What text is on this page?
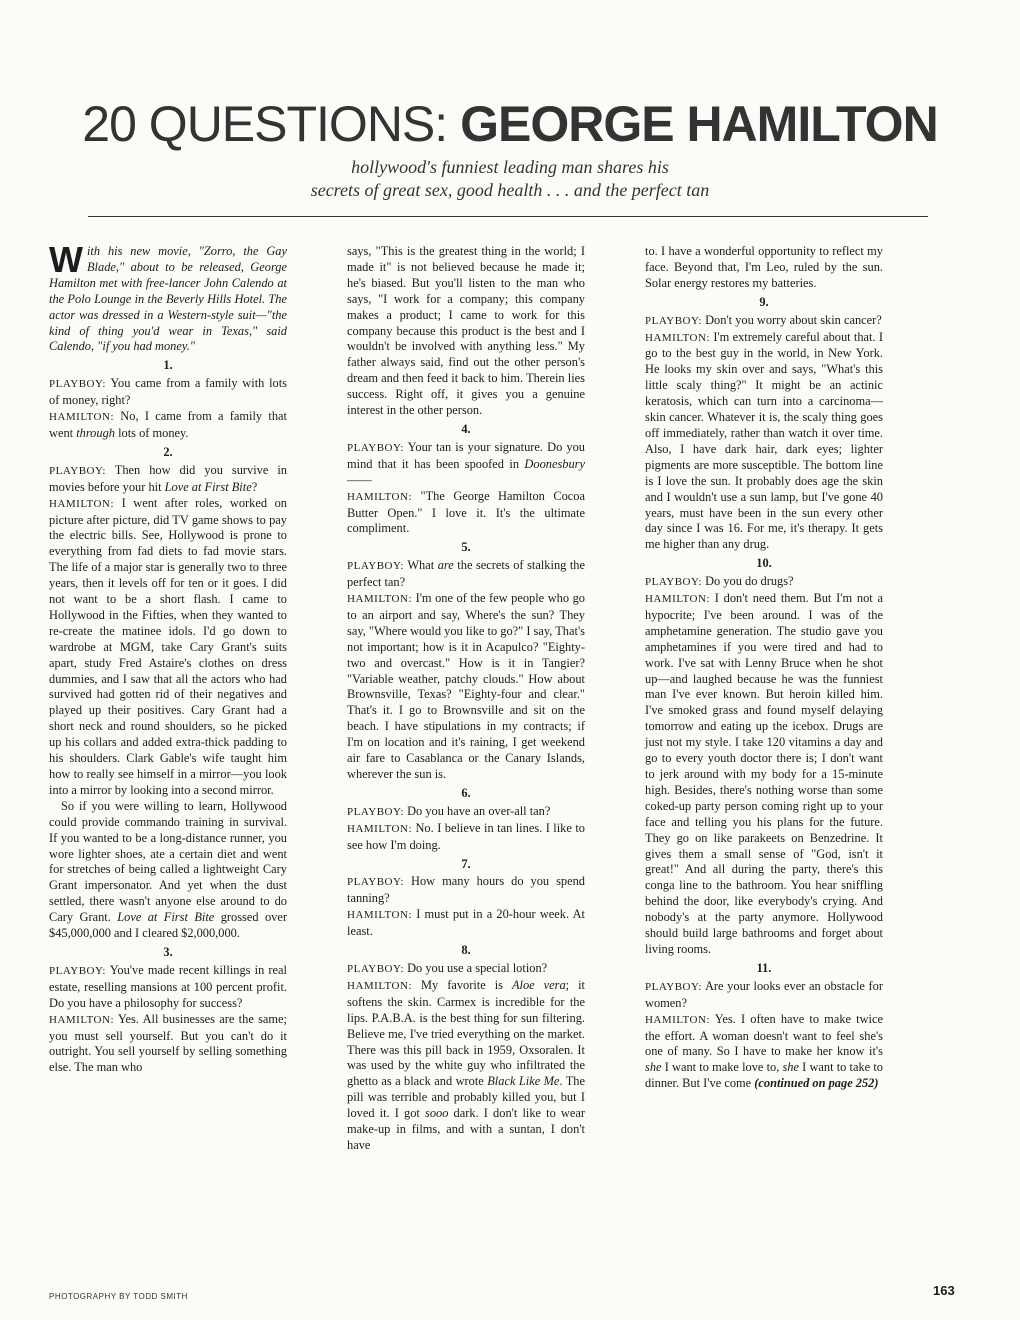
20 QUESTIONS: GEORGE HAMILTON
hollywood's funniest leading man shares his
secrets of great sex, good health . . . and the perfect tan

With his new movie, "Zorro, the Gay Blade," about to be released, George Hamilton met with free-lancer John Calendo at the Polo Lounge in the Beverly Hills Hotel. The actor was dressed in a Western-style suit—"the kind of thing you'd wear in Texas," said Calendo, "if you had money."

1.

PLAYBOY: You came from a family with lots of money, right?

HAMILTON: No, I came from a family that went through lots of money.

2.

PLAYBOY: Then how did you survive in movies before your hit Love at First Bite?

HAMILTON: I went after roles, worked on picture after picture, did TV game shows to pay the electric bills. See, Hollywood is prone to everything from fad diets to fad movie stars. The life of a major star is generally two to three years, then it levels off for ten or it goes. I did not want to be a short flash. I came to Hollywood in the Fifties, when they wanted to re-create the matinee idols. I'd go down to wardrobe at MGM, take Cary Grant's suits apart, study Fred Astaire's clothes on dress dummies, and I saw that all the actors who had survived had gotten rid of their negatives and played up their positives. Cary Grant had a short neck and round shoulders, so he picked up his collars and added extra-thick padding to his shoulders. Clark Gable's wife taught him how to really see himself in a mirror—you look into a mirror by looking into a second mirror.

So if you were willing to learn, Hollywood could provide commando training in survival. If you wanted to be a long-distance runner, you wore lighter shoes, ate a certain diet and went for stretches of being called a lightweight Cary Grant impersonator. And yet when the dust settled, there wasn't anyone else around to do Cary Grant. Love at First Bite grossed over $45,000,000 and I cleared $2,000,000.

3.

PLAYBOY: You've made recent killings in real estate, reselling mansions at 100 percent profit. Do you have a philosophy for success?

HAMILTON: Yes. All businesses are the same; you must sell yourself. But you can't do it outright. You sell yourself by selling something else. The man who

says, "This is the greatest thing in the world; I made it" is not believed because he made it; he's biased. But you'll listen to the man who says, "I work for a company; this company makes a product; I came to work for this company because this product is the best and I wouldn't be involved with anything less." My father always said, find out the other person's dream and then feed it back to him. Therein lies success. Right off, it gives you a genuine interest in the other person.

4.

PLAYBOY: Your tan is your signature. Do you mind that it has been spoofed in Doonesbury——

HAMILTON: "The George Hamilton Cocoa Butter Open." I love it. It's the ultimate compliment.

5.

PLAYBOY: What are the secrets of stalking the perfect tan?

HAMILTON: I'm one of the few people who go to an airport and say, Where's the sun? They say, "Where would you like to go?" I say, That's not important; how is it in Acapulco? "Eighty-two and overcast." How is it in Tangier? "Variable weather, patchy clouds." How about Brownsville, Texas? "Eighty-four and clear." That's it. I go to Brownsville and sit on the beach. I have stipulations in my contracts; if I'm on location and it's raining, I get weekend air fare to Casablanca or the Canary Islands, wherever the sun is.

6.

PLAYBOY: Do you have an over-all tan?

HAMILTON: No. I believe in tan lines. I like to see how I'm doing.

7.

PLAYBOY: How many hours do you spend tanning?

HAMILTON: I must put in a 20-hour week. At least.

8.

PLAYBOY: Do you use a special lotion?

HAMILTON: My favorite is Aloe vera; it softens the skin. Carmex is incredible for the lips. P.A.B.A. is the best thing for sun filtering. Believe me, I've tried everything on the market. There was this pill back in 1959, Oxsoralen. It was used by the white guy who infiltrated the ghetto as a black and wrote Black Like Me. The pill was terrible and probably killed you, but I loved it. I got sooo dark. I don't like to wear make-up in films, and with a suntan, I don't have

to. I have a wonderful opportunity to reflect my face. Beyond that, I'm Leo, ruled by the sun. Solar energy restores my batteries.

9.

PLAYBOY: Don't you worry about skin cancer?

HAMILTON: I'm extremely careful about that. I go to the best guy in the world, in New York. He looks my skin over and says, "What's this little scaly thing?" It might be an actinic keratosis, which can turn into a carcinoma—skin cancer. Whatever it is, the scaly thing goes off immediately, rather than watch it over time. Also, I have dark hair, dark eyes; lighter pigments are more susceptible. The bottom line is I love the sun. It probably does age the skin and I wouldn't use a sun lamp, but I've gone 40 years, must have been in the sun every other day since I was 16. For me, it's therapy. It gets me higher than any drug.

10.

PLAYBOY: Do you do drugs?

HAMILTON: I don't need them. But I'm not a hypocrite; I've been around. I was of the amphetamine generation. The studio gave you amphetamines if you were tired and had to work. I've sat with Lenny Bruce when he shot up—and laughed because he was the funniest man I've ever known. But heroin killed him. I've smoked grass and found myself delaying tomorrow and eating up the icebox. Drugs are just not my style. I take 120 vitamins a day and go to every youth doctor there is; I don't want to jerk around with my body for a 15-minute high. Besides, there's nothing worse than some coked-up party person coming right up to your face and telling you his plans for the future. They go on like parakeets on Benzedrine. It gives them a small sense of "God, isn't it great!" And all during the party, there's this conga line to the bathroom. You hear sniffling behind the door, like everybody's crying. And nobody's at the party anymore. Hollywood should build large bathrooms and forget about living rooms.

11.

PLAYBOY: Are your looks ever an obstacle for women?

HAMILTON: Yes. I often have to make twice the effort. A woman doesn't want to feel she's one of many. So I have to make her know it's she I want to make love to, she I want to take to dinner. But I've come (continued on page 252)

163
PHOTOGRAPHY BY TODD SMITH
